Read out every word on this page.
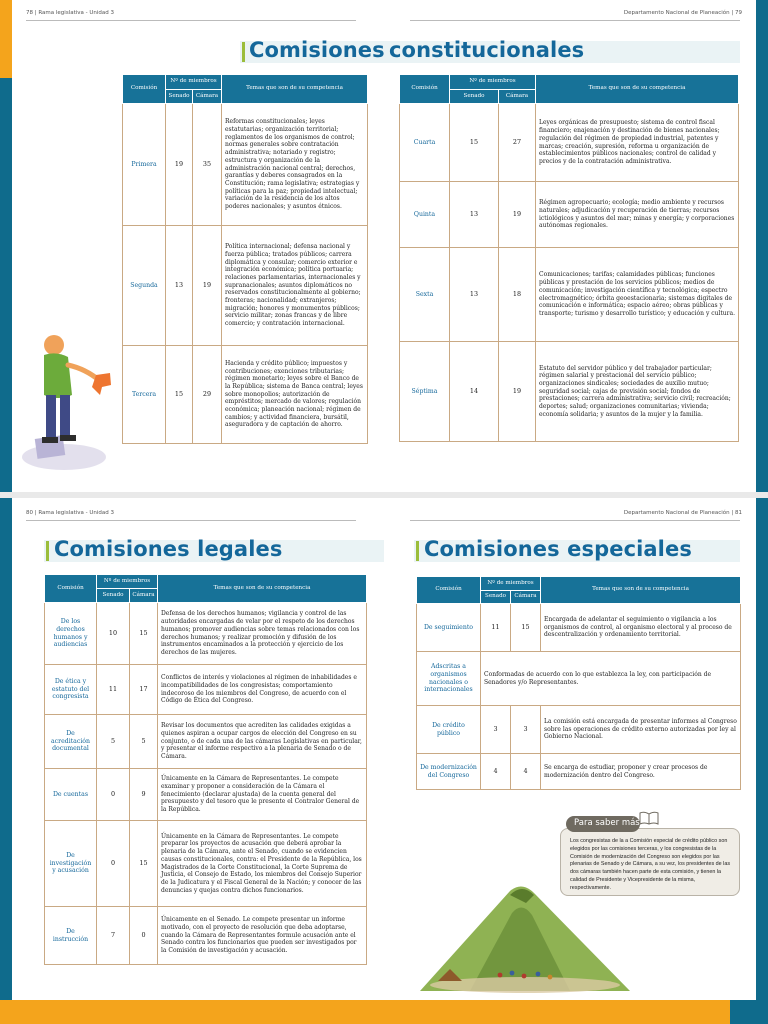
78 | Rama legislativa - Unidad 3	Departamento Nacional de Planeación | 79
Comisiones constitucionales
Comisión	Nº de miembros		Temas que son de su competencia
	Senado	Cámara	
Primera	19	35	Reformas constitucionales; leyes estatutarias; organización territorial; reglamentos de los organismos de control; normas generales sobre contratación administrativa; notariado y registro; estructura y organización de la administración nacional central; derechos, garantías y deberes consagrados en la Constitución; rama legislativa; estrategias y políticas para la paz; propiedad intelectual; variación de la residencia de los altos poderes nacionales; y asuntos étnicos.
Segunda	13	19	Política internacional; defensa nacional y fuerza pública; tratados públicos; carrera diplomática y consular; comercio exterior e integración económica; política portuaria; relaciones parlamentarias, internacionales y supranacionales; asuntos diplomáticos no reservados constitucionalmente al gobierno; fronteras; nacionalidad; extranjeros; migración; honores y monumentos públicos; servicio militar; zonas francas y de libre comercio; y contratación internacional.
Tercera	15	29	Hacienda y crédito público; impuestos y contribuciones; exenciones tributarias; régimen monetario; leyes sobre el Banco de la República; sistema de Banca central; leyes sobre monopolios; autorización de empréstitos; mercado de valores; regulación económica; planeación nacional; régimen de cambios; y actividad financiera, bursátil, aseguradora y de captación de ahorro.
Comisión	Nº de miembros		Temas que son de su competencia
	Senado	Cámara	
Cuarta	15	27	Leyes orgánicas de presupuesto; sistema de control fiscal financiero; enajenación y destinación de bienes nacionales; regulación del régimen de propiedad industrial, patentes y marcas; creación, supresión, reforma u organización de establecimientos públicos nacionales; control de calidad y precios y de la contratación administrativa.
Quinta	13	19	Régimen agropecuario; ecología; medio ambiente y recursos naturales; adjudicación y recuperación de tierras; recursos ictiológicos y asuntos del mar; minas y energía; y corporaciones autónomas regionales.
Sexta	13	18	Comunicaciones; tarifas; calamidades públicas; funciones públicas y prestación de los servicios públicos; medios de comunicación; investigación científica y tecnológica; espectro electromagnético; órbita geoestacionaria; sistemas digitales de comunicación e informática; espacio aéreo; obras públicas y transporte; turismo y desarrollo turístico; y educación y cultura.
Séptima	14	19	Estatuto del servidor público y del trabajador particular; régimen salarial y prestacional del servicio público; organizaciones sindicales; sociedades de auxilio mutuo; seguridad social; cajas de previsión social; fondos de prestaciones; carrera administrativa; servicio civil; recreación; deportes; salud; organizaciones comunitarias; vivienda; economía solidaria; y asuntos de la mujer y la familia.
80 | Rama legislativa - Unidad 3	Departamento Nacional de Planeación | 81
Comisiones legales	Comisiones especiales
Comisión	Nº de miembros		Temas que son de su competencia
	Senado	Cámara	
De los derechos humanos y audiencias	10	15	Defensa de los derechos humanos; vigilancia y control de las autoridades encargadas de velar por el respeto de los derechos humanos; promover audiencias sobre temas relacionados con los derechos humanos; y realizar promoción y difusión de los instrumentos encaminados a la protección y ejercicio de los derechos de las mujeres.
De ética y estatuto del congresista	11	17	Conflictos de interés y violaciones al régimen de inhabilidades e incompatibilidades de los congresistas; comportamiento indecoroso de los miembros del Congreso, de acuerdo con el Código de Ética del Congreso.
De acreditación documental	5	5	Revisar los documentos que acrediten las calidades exigidas a quienes aspiran a ocupar cargos de elección del Congreso en su conjunto, o de cada una de las cámaras Legislativas en particular, y presentar el informe respectivo a la plenaria de Senado o de Cámara.
De cuentas	0	9	Únicamente en la Cámara de Representantes. Le compete examinar y proponer a consideración de la Cámara el fenecimiento (declarar ajustada) de la cuenta general del presupuesto y del tesoro que le presente el Contralor General de la República.
De investigación y acusación	0	15	Únicamente en la Cámara de Representantes. Le compete preparar los proyectos de acusación que deberá aprobar la plenaria de la Cámara, ante el Senado, cuando se evidencien causas constitucionales, contra: el Presidente de la República, los Magistrados de la Corte Constitucional, la Corte Suprema de Justicia, el Consejo de Estado, los miembros del Consejo Superior de la Judicatura y el Fiscal General de la Nación; y conocer de las denuncias y quejas contra dichos funcionarios.
De instrucción	7	0	Únicamente en el Senado. Le compete presentar un informe motivado, con el proyecto de resolución que deba adoptarse, cuando la Cámara de Representantes formule acusación ante el Senado contra los funcionarios que pueden ser investigados por la Comisión de investigación y acusación.
Comisión	Nº de miembros		Temas que son de su competencia
	Senado	Cámara	
De seguimiento	11	15	Encargada de adelantar el seguimiento o vigilancia a los organismos de control, al organismo electoral y al proceso de descentralización y ordenamiento territorial.
Adscritas a organismos nacionales o internacionales	Conformadas de acuerdo con lo que establezca la ley, con participación de Senadores y/o Representantes.		
De crédito público	3	3	La comisión está encargada de presentar informes al Congreso sobre las operaciones de crédito externo autorizadas por ley al Gobierno Nacional.
De modernización del Congreso	4	4	Se encarga de estudiar, proponer y crear procesos de modernización dentro del Congreso.
Para saber más
Los congresistas de la a Comisión especial de crédito público son elegidos por las comisiones terceras, y los congresistas de la Comisión de modernización del Congreso son elegidos por las plenarias de Senado y de Cámara, a su vez, los presidentes de las dos cámaras también hacen parte de esta comisión, y tienen la calidad de Presidente y Vicepresidente de la misma, respectivamente.
